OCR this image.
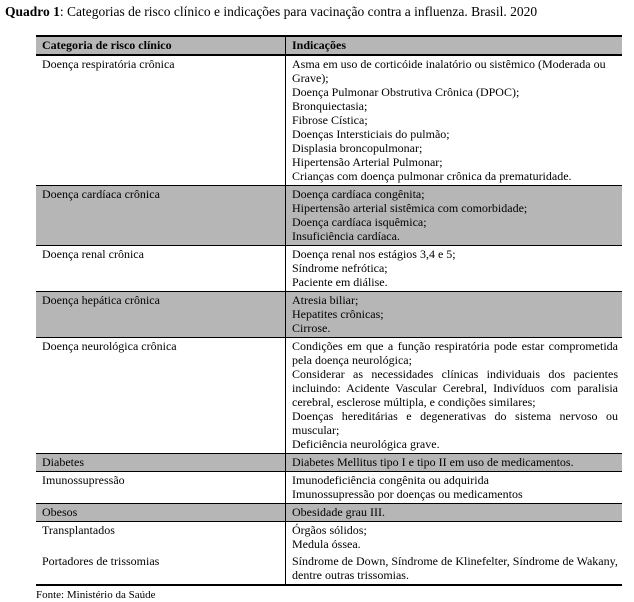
Quadro 1: Categorias de risco clínico e indicações para vacinação contra a influenza. Brasil. 2020

Categoria de risco clínico	Indicações
Doença respiratória crônica	Asma em uso de corticóide inalatório ou sistêmico (Moderada ou Grave);
Doença Pulmonar Obstrutiva Crônica (DPOC);
Bronquiectasia;
Fibrose Cística;
Doenças Intersticiais do pulmão;
Displasia broncopulmonar;
Hipertensão Arterial Pulmonar;
Crianças com doença pulmonar crônica da prematuridade.

Doença cardíaca crônica	Doença cardíaca congênita;
Hipertensão arterial sistêmica com comorbidade;
Doença cardíaca isquêmica;
Insuficiência cardíaca.

Doença renal crônica	Doença renal nos estágios 3,4 e 5;
Síndrome nefrótica;
Paciente em diálise.

Doença hepática crônica	Atresia biliar;
Hepatites crônicas;
Cirrose.

Doença neurológica crônica	Condições em que a função respiratória pode estar comprometida pela doença neurológica;
Considerar as necessidades clínicas individuais dos pacientes incluindo: Acidente Vascular Cerebral, Indivíduos com paralisia cerebral, esclerose múltipla, e condições similares;
Doenças hereditárias e degenerativas do sistema nervoso ou muscular;
Deficiência neurológica grave.

Diabetes	Diabetes Mellitus tipo I e tipo II em uso de medicamentos.

Imunossupressão	Imunodeficiência congênita ou adquirida
Imunossupressão por doenças ou medicamentos

Obesos	Obesidade grau III.

Transplantados	Órgãos sólidos;
Medula óssea.

Portadores de trissomias	Síndrome de Down, Síndrome de Klinefelter, Síndrome de Wakany, dentre outras trissomias.

Fonte: Ministério da Saúde
